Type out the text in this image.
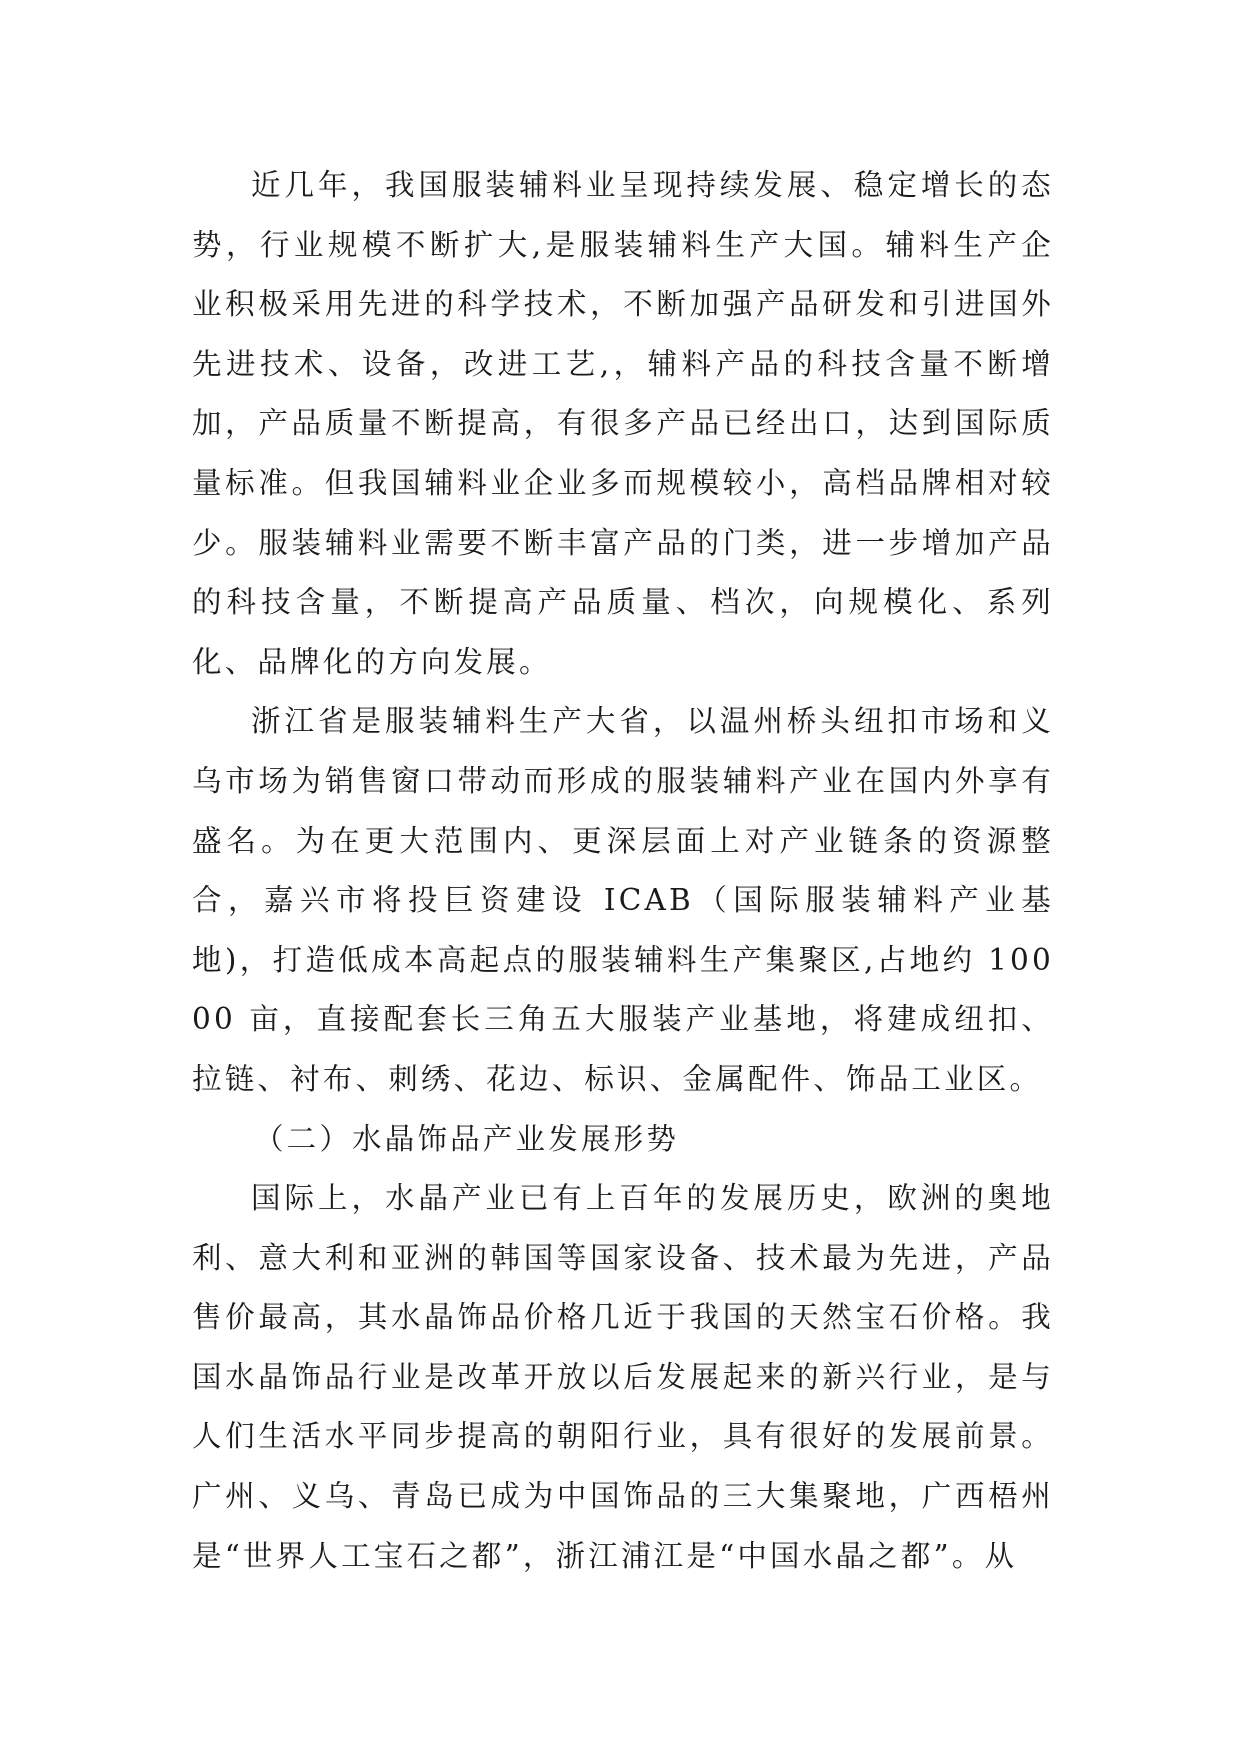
近几年，我国服装辅料业呈现持续发展、稳定增长的态势，行业规模不断扩大,是服装辅料生产大国。辅料生产企业积极采用先进的科学技术，不断加强产品研发和引进国外先进技术、设备，改进工艺,，辅料产品的科技含量不断增加，产品质量不断提高，有很多产品已经出口，达到国际质量标准。但我国辅料业企业多而规模较小，高档品牌相对较少。服装辅料业需要不断丰富产品的门类，进一步增加产品的科技含量，不断提高产品质量、档次，向规模化、系列化、品牌化的方向发展。

浙江省是服装辅料生产大省，以温州桥头纽扣市场和义乌市场为销售窗口带动而形成的服装辅料产业在国内外享有盛名。为在更大范围内、更深层面上对产业链条的资源整合，嘉兴市将投巨资建设 ICAB（国际服装辅料产业基地)，打造低成本高起点的服装辅料生产集聚区,占地约 10000 亩，直接配套长三角五大服装产业基地，将建成纽扣、拉链、衬布、刺绣、花边、标识、金属配件、饰品工业区。

（二）水晶饰品产业发展形势

国际上，水晶产业已有上百年的发展历史，欧洲的奥地利、意大利和亚洲的韩国等国家设备、技术最为先进，产品售价最高，其水晶饰品价格几近于我国的天然宝石价格。我国水晶饰品行业是改革开放以后发展起来的新兴行业，是与人们生活水平同步提高的朝阳行业，具有很好的发展前景。广州、义乌、青岛已成为中国饰品的三大集聚地，广西梧州是“世界人工宝石之都”，浙江浦江是“中国水晶之都”。从
